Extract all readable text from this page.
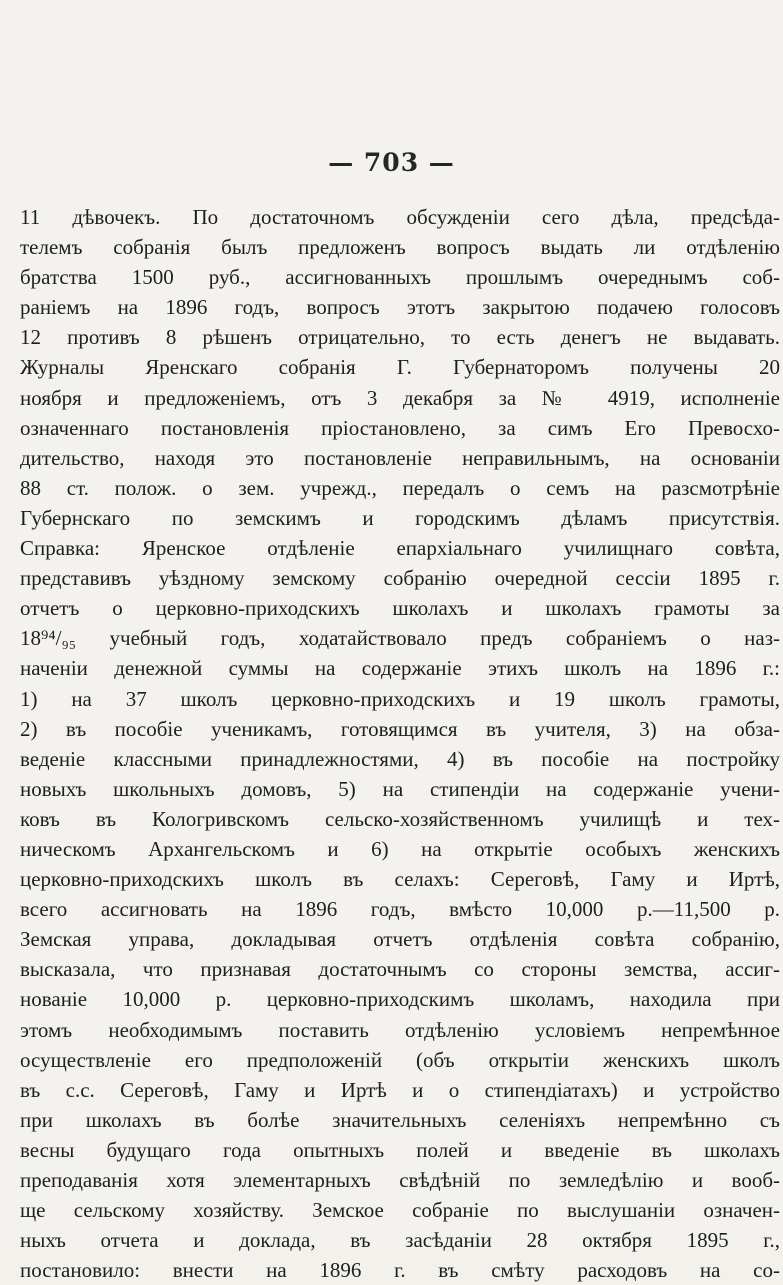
— 703 —
11 дѣвочекъ. По достаточномъ обсужденіи сего дѣла, предсѣда-
телемъ собранія былъ предложенъ вопросъ выдать ли отдѣленію
братства 1500 руб., ассигнованныхъ прошлымъ очереднымъ соб-
раніемъ на 1896 годъ, вопросъ этотъ закрытою подачею голосовъ
12 противъ 8 рѣшенъ отрицательно, то есть денегъ не выдавать.
Журналы Яренскаго собранія Г. Губернаторомъ получены 20
ноября и предложеніемъ, отъ 3 декабря за № 4919, исполненіе
означеннаго постановленія пріостановлено, за симъ Его Превосхо-
дительство, находя это постановленіе неправильнымъ, на основаніи
88 ст. полож. о зем. учрежд., передалъ о семъ на разсмотрѣніе
Губернскаго по земскимъ и городскимъ дѣламъ присутствія.
Справка: Яренское отдѣленіе епархіальнаго училищнаго совѣта,
представивъ уѣздному земскому собранію очередной сессіи 1895 г.
отчетъ о церковно-приходскихъ школахъ и школахъ грамоты за
18⁹⁴/₉₅ учебный годъ, ходатайствовало предъ собраніемъ о наз-
наченіи денежной суммы на содержаніе этихъ школъ на 1896 г.:
1) на 37 школъ церковно-приходскихъ и 19 школъ грамоты,
2) въ пособіе ученикамъ, готовящимся въ учителя, 3) на обза-
веденіе классными принадлежностями, 4) въ пособіе на постройку
новыхъ школьныхъ домовъ, 5) на стипендіи на содержаніе учени-
ковъ въ Кологривскомъ сельско-хозяйственномъ училищѣ и тех-
ническомъ Архангельскомъ и 6) на открытіе особыхъ женскихъ
церковно-приходскихъ школъ въ селахъ: Сереговѣ, Гаму и Иртѣ,
всего ассигновать на 1896 годъ, вмѣсто 10,000 р.—11,500 р.
Земская управа, докладывая отчетъ отдѣленія совѣта собранію,
высказала, что признавая достаточнымъ со стороны земства, ассиг-
нованіе 10,000 р. церковно-приходскимъ школамъ, находила при
этомъ необходимымъ поставить отдѣленію условіемъ непремѣнное
осуществленіе его предположеній (объ открытіи женскихъ школъ
въ с.с. Сереговѣ, Гаму и Иртѣ и о стипендіатахъ) и устройство
при школахъ въ болѣе значительныхъ селеніяхъ непремѣнно съ
весны будущаго года опытныхъ полей и введеніе въ школахъ
преподаванія хотя элементарныхъ свѣдѣній по земледѣлію и вооб-
ще сельскому хозяйству. Земское собраніе по выслушаніи означен-
ныхъ отчета и доклада, въ засѣданіи 28 октября 1895 г.,
постановило: внести на 1896 г. въ смѣту расходовъ на со-
